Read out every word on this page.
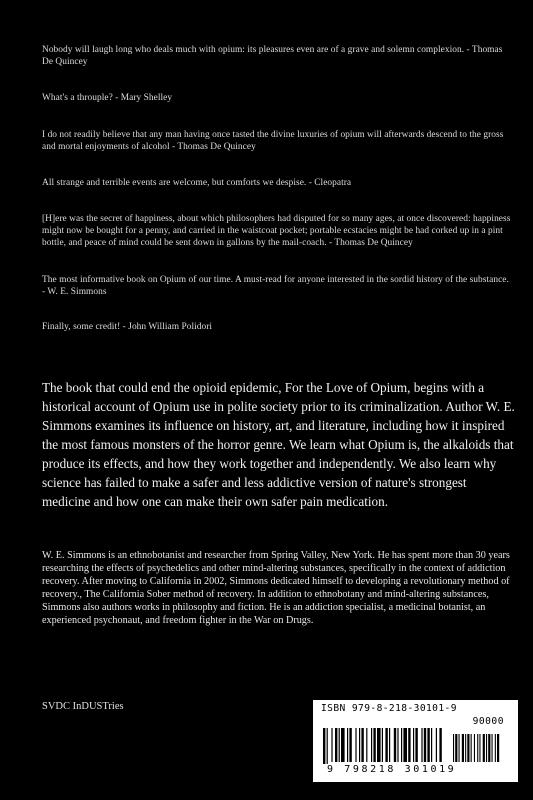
Nobody will laugh long who deals much with opium: its pleasures even are of a grave and solemn complexion. - Thomas De Quincey

What's a throuple? - Mary Shelley

I do not readily believe that any man having once tasted the divine luxuries of opium will afterwards descend to the gross and mortal enjoyments of alcohol - Thomas De Quincey

All strange and terrible events are welcome, but comforts we despise. - Cleopatra

[H]ere was the secret of happiness, about which philosophers had disputed for so many ages, at once discovered: happiness might now be bought for a penny, and carried in the waistcoat pocket; portable ecstacies might be had corked up in a pint bottle, and peace of mind could be sent down in gallons by the mail-coach. - Thomas De Quincey

The most informative book on Opium of our time. A must-read for anyone interested in the sordid history of the substance. - W. E. Simmons

Finally, some credit! - John William Polidori

The book that could end the opioid epidemic, For the Love of Opium, begins with a historical account of Opium use in polite society prior to its criminalization. Author W. E. Simmons examines its influence on history, art, and literature, including how it inspired the most famous monsters of the horror genre. We learn what Opium is, the alkaloids that produce its effects, and how they work together and independently. We also learn why science has failed to make a safer and less addictive version of nature's strongest medicine and how one can make their own safer pain medication.

W. E. Simmons is an ethnobotanist and researcher from Spring Valley, New York. He has spent more than 30 years researching the effects of psychedelics and other mind-altering substances, specifically in the context of addiction recovery. After moving to California in 2002, Simmons dedicated himself to developing a revolutionary method of recovery., The California Sober method of recovery. In addition to ethnobotany and mind-altering substances, Simmons also authors works in philosophy and fiction. He is an addiction specialist, a medicinal botanist, an experienced psychonaut, and freedom fighter in the War on Drugs.

SVDC InDUSTries	ISBN 979-8-218-30101-9
90000
9 798218 301019
